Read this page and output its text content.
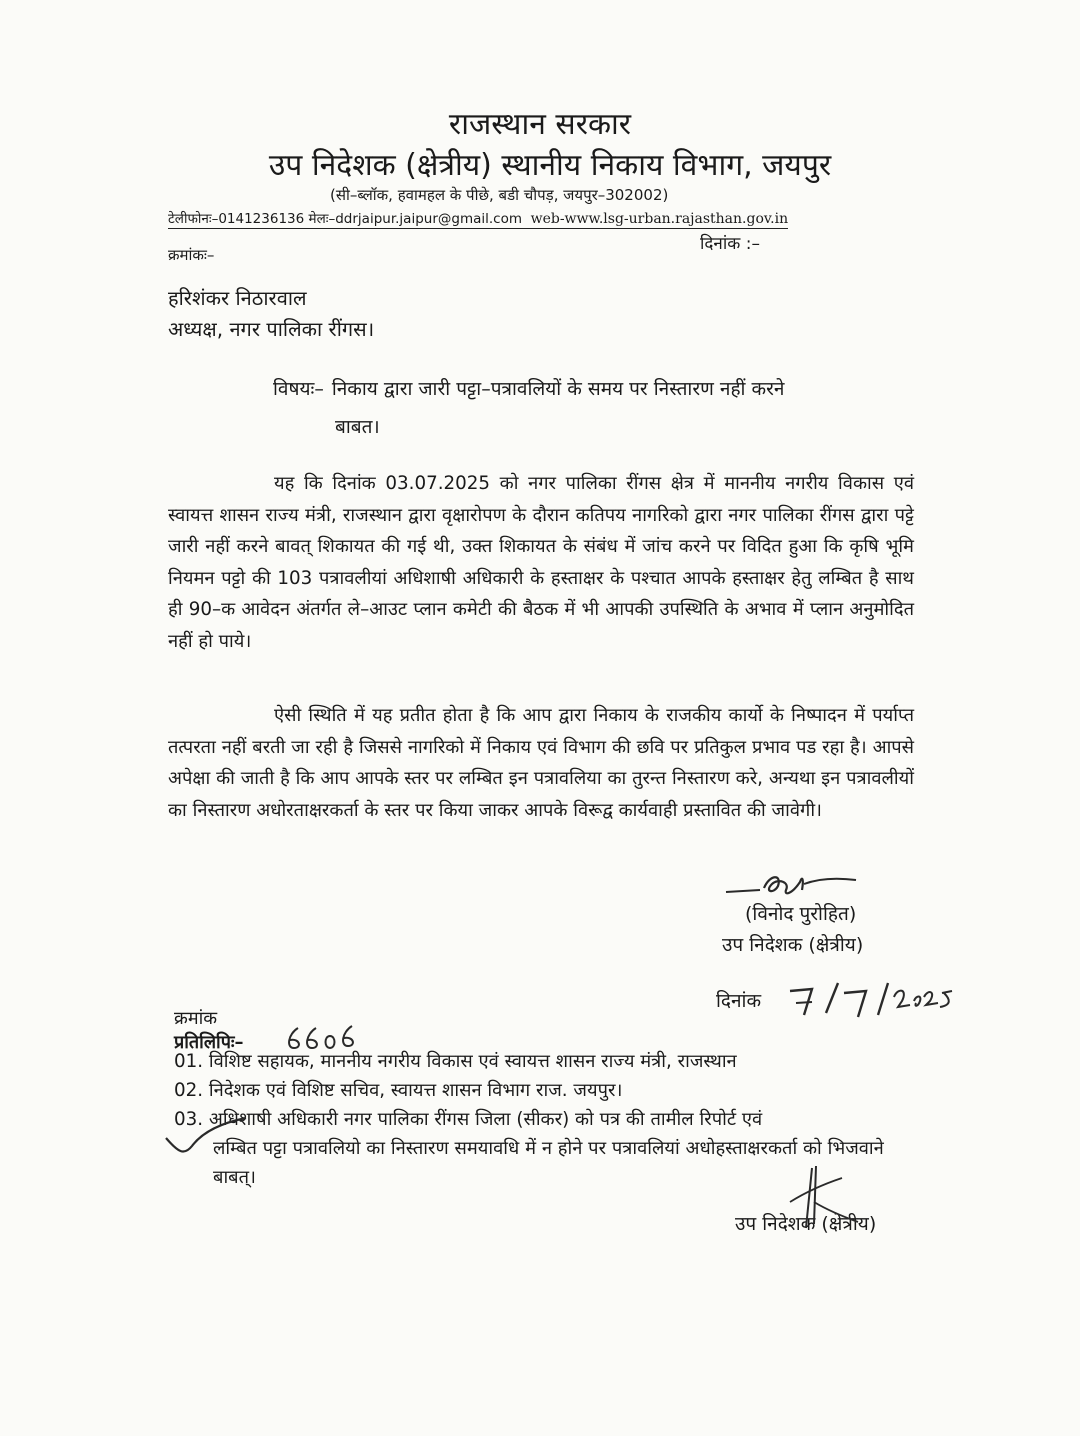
राजस्थान सरकार
उप निदेशक (क्षेत्रीय) स्थानीय निकाय विभाग, जयपुर
(सी–ब्लॉक, हवामहल के पीछे, बडी चौपड़, जयपुर–302002)
टेलीफोनः–0141236136 मेलः–ddrjaipur.jaipur@gmail.com web-www.lsg-urban.rajasthan.gov.in
दिनांक :–
क्रमांकः–
हरिशंकर निठारवाल
अध्यक्ष, नगर पालिका रींगस।
विषयः– निकाय द्वारा जारी पट्टा–पत्रावलियों के समय पर निस्तारण नहीं करने
बाबत।
यह कि दिनांक 03.07.2025 को नगर पालिका रींगस क्षेत्र में माननीय नगरीय विकास एवं स्वायत्त शासन राज्य मंत्री, राजस्थान द्वारा वृक्षारोपण के दौरान कतिपय नागरिको द्वारा नगर पालिका रींगस द्वारा पट्टे जारी नहीं करने बावत् शिकायत की गई थी, उक्त शिकायत के संबंध में जांच करने पर विदित हुआ कि कृषि भूमि नियमन पट्टो की 103 पत्रावलीयां अधिशाषी अधिकारी के हस्ताक्षर के पश्चात आपके हस्ताक्षर हेतु लम्बित है साथ ही 90–क आवेदन अंतर्गत ले–आउट प्लान कमेटी की बैठक में भी आपकी उपस्थिति के अभाव में प्लान अनुमोदित नहीं हो पाये।
ऐसी स्थिति में यह प्रतीत होता है कि आप द्वारा निकाय के राजकीय कार्यो के निष्पादन में पर्याप्त तत्परता नहीं बरती जा रही है जिससे नागरिको में निकाय एवं विभाग की छवि पर प्रतिकुल प्रभाव पड रहा है। आपसे अपेक्षा की जाती है कि आप आपके स्तर पर लम्बित इन पत्रावलिया का तुरन्त निस्तारण करे, अन्यथा इन पत्रावलीयों का निस्तारण अधोरताक्षरकर्ता के स्तर पर किया जाकर आपके विरूद्व कार्यवाही प्रस्तावित की जावेगी।
(विनोद पुरोहित)
उप निदेशक (क्षेत्रीय)
दिनांक
क्रमांक
प्रतिलिपिः–
01. विशिष्ट सहायक, माननीय नगरीय विकास एवं स्वायत्त शासन राज्य मंत्री, राजस्थान
02. निदेशक एवं विशिष्ट सचिव, स्वायत्त शासन विभाग राज. जयपुर।
03. अधिशाषी अधिकारी नगर पालिका रींगस जिला (सीकर) को पत्र की तामील रिपोर्ट एवं
लम्बित पट्टा पत्रावलियो का निस्तारण समयावधि में न होने पर पत्रावलियां अधोहस्ताक्षरकर्ता को भिजवाने बाबत्।
उप निदेशक (क्षेत्रीय)
